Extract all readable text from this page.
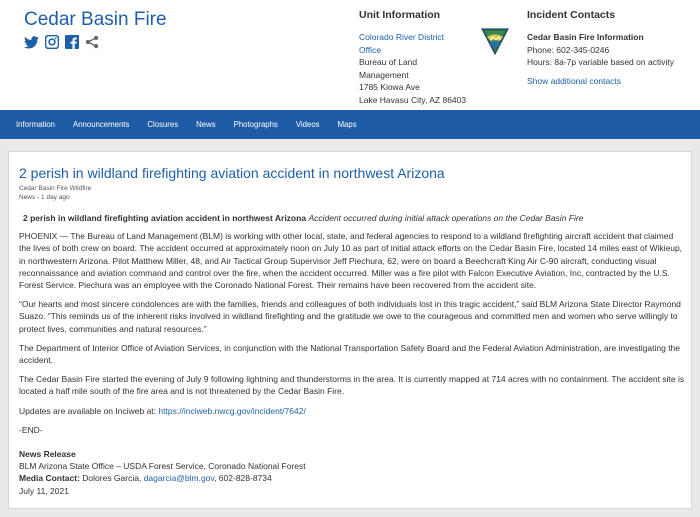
Cedar Basin Fire	Unit Information
Colorado River District Office
Bureau of Land Management
1785 Kiowa Ave
Lake Havasu City, AZ 86403
Incident Contacts
Cedar Basin Fire Information
Phone: 602-345-0246
Hours: 8a-7p variable based on activity
Show additional contacts
Information Announcements Closures News Photographs Videos Maps
2 perish in wildland firefighting aviation accident in northwest Arizona
Cedar Basin Fire Wildfire
News - 1 day ago

2 perish in wildland firefighting aviation accident in northwest Arizona Accident occurred during initial attack operations on the Cedar Basin Fire

PHOENIX — The Bureau of Land Management (BLM) is working with other local, state, and federal agencies to respond to a wildland firefighting aircraft accident that claimed the lives of both crew on board. The accident occurred at approximately noon on July 10 as part of initial attack efforts on the Cedar Basin Fire, located 14 miles east of Wikieup, in northwestern Arizona. Pilot Matthew Miller, 48, and Air Tactical Group Supervisor Jeff Piechura, 62, were on board a Beechcraft King Air C-90 aircraft, conducting visual reconnaissance and aviation command and control over the fire, when the accident occurred. Miller was a fire pilot with Falcon Executive Aviation, Inc, contracted by the U.S. Forest Service. Piechura was an employee with the Coronado National Forest. Their remains have been recovered from the accident site.

“Our hearts and most sincere condolences are with the families, friends and colleagues of both individuals lost in this tragic accident,” said BLM Arizona State Director Raymond Suazo. “This reminds us of the inherent risks involved in wildland firefighting and the gratitude we owe to the courageous and committed men and women who serve willingly to protect lives, communities and natural resources.”

The Department of Interior Office of Aviation Services, in conjunction with the National Transportation Safety Board and the Federal Aviation Administration, are investigating the accident.

The Cedar Basin Fire started the evening of July 9 following lightning and thunderstorms in the area. It is currently mapped at 714 acres with no containment. The accident site is located a half mile south of the fire area and is not threatened by the Cedar Basin Fire.

Updates are available on Inciweb at: https://inciweb.nwcg.gov/incident/7642/

-END-

News Release
BLM Arizona State Office – USDA Forest Service, Coronado National Forest
Media Contact: Dolores Garcia, dagarcia@blm.gov, 602-828-8734
July 11, 2021
